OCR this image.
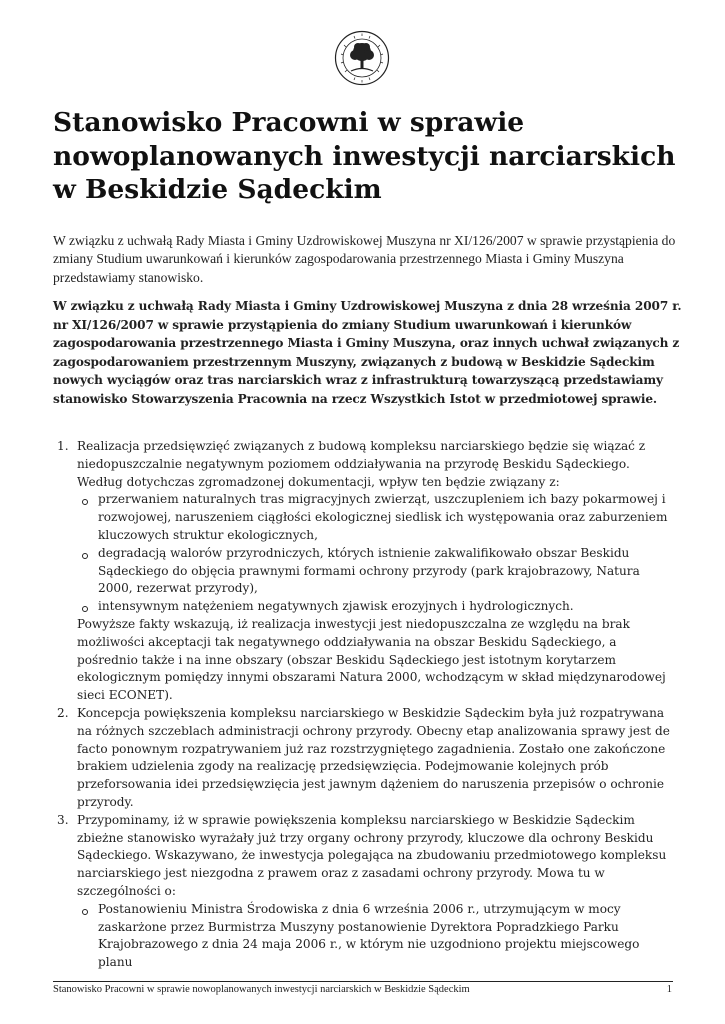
Stanowisko Pracowni w sprawie nowoplanowanych inwestycji narciarskich w Beskidzie Sądeckim

W związku z uchwałą Rady Miasta i Gminy Uzdrowiskowej Muszyna nr XI/126/2007 w sprawie przystąpienia do zmiany Studium uwarunkowań i kierunków zagospodarowania przestrzennego Miasta i Gminy Muszyna przedstawiamy stanowisko.

W związku z uchwałą Rady Miasta i Gminy Uzdrowiskowej Muszyna z dnia 28 września 2007 r. nr XI/126/2007 w sprawie przystąpienia do zmiany Studium uwarunkowań i kierunków zagospodarowania przestrzennego Miasta i Gminy Muszyna, oraz innych uchwał związanych z zagospodarowaniem przestrzennym Muszyny, związanych z budową w Beskidzie Sądeckim nowych wyciągów oraz tras narciarskich wraz z infrastrukturą towarzyszącą przedstawiamy stanowisko Stowarzyszenia Pracownia na rzecz Wszystkich Istot w przedmiotowej sprawie.

1. Realizacja przedsięwzięć związanych z budową kompleksu narciarskiego będzie się wiązać z niedopuszczalnie negatywnym poziomem oddziaływania na przyrodę Beskidu Sądeckiego. Według dotychczas zgromadzonej dokumentacji, wpływ ten będzie związany z:
przerwaniem naturalnych tras migracyjnych zwierząt, uszczupleniem ich bazy pokarmowej i rozwojowej, naruszeniem ciągłości ekologicznej siedlisk ich występowania oraz zaburzeniem kluczowych struktur ekologicznych,
degradacją walorów przyrodniczych, których istnienie zakwalifikowało obszar Beskidu Sądeckiego do objęcia prawnymi formami ochrony przyrody (park krajobrazowy, Natura 2000, rezerwat przyrody),
intensywnym natężeniem negatywnych zjawisk erozyjnych i hydrologicznych.
Powyższe fakty wskazują, iż realizacja inwestycji jest niedopuszczalna ze względu na brak możliwości akceptacji tak negatywnego oddziaływania na obszar Beskidu Sądeckiego, a pośrednio także i na inne obszary (obszar Beskidu Sądeckiego jest istotnym korytarzem ekologicznym pomiędzy innymi obszarami Natura 2000, wchodzącym w skład międzynarodowej sieci ECONET).
2. Koncepcja powiększenia kompleksu narciarskiego w Beskidzie Sądeckim była już rozpatrywana na różnych szczeblach administracji ochrony przyrody. Obecny etap analizowania sprawy jest de facto ponownym rozpatrywaniem już raz rozstrzygniętego zagadnienia. Zostało one zakończone brakiem udzielenia zgody na realizację przedsięwzięcia. Podejmowanie kolejnych prób przeforsowania idei przedsięwzięcia jest jawnym dążeniem do naruszenia przepisów o ochronie przyrody.
3. Przypominamy, iż w sprawie powiększenia kompleksu narciarskiego w Beskidzie Sądeckim zbieżne stanowisko wyrażały już trzy organy ochrony przyrody, kluczowe dla ochrony Beskidu Sądeckiego. Wskazywano, że inwestycja polegająca na zbudowaniu przedmiotowego kompleksu narciarskiego jest niezgodna z prawem oraz z zasadami ochrony przyrody. Mowa tu w szczególności o:
Postanowieniu Ministra Środowiska z dnia 6 września 2006 r., utrzymującym w mocy zaskarżone przez Burmistrza Muszyny postanowienie Dyrektora Popradzkiego Parku Krajobrazowego z dnia 24 maja 2006 r., w którym nie uzgodniono projektu miejscowego planu
Stanowisko Pracowni w sprawie nowoplanowanych inwestycji narciarskich w Beskidzie Sądeckim	1
